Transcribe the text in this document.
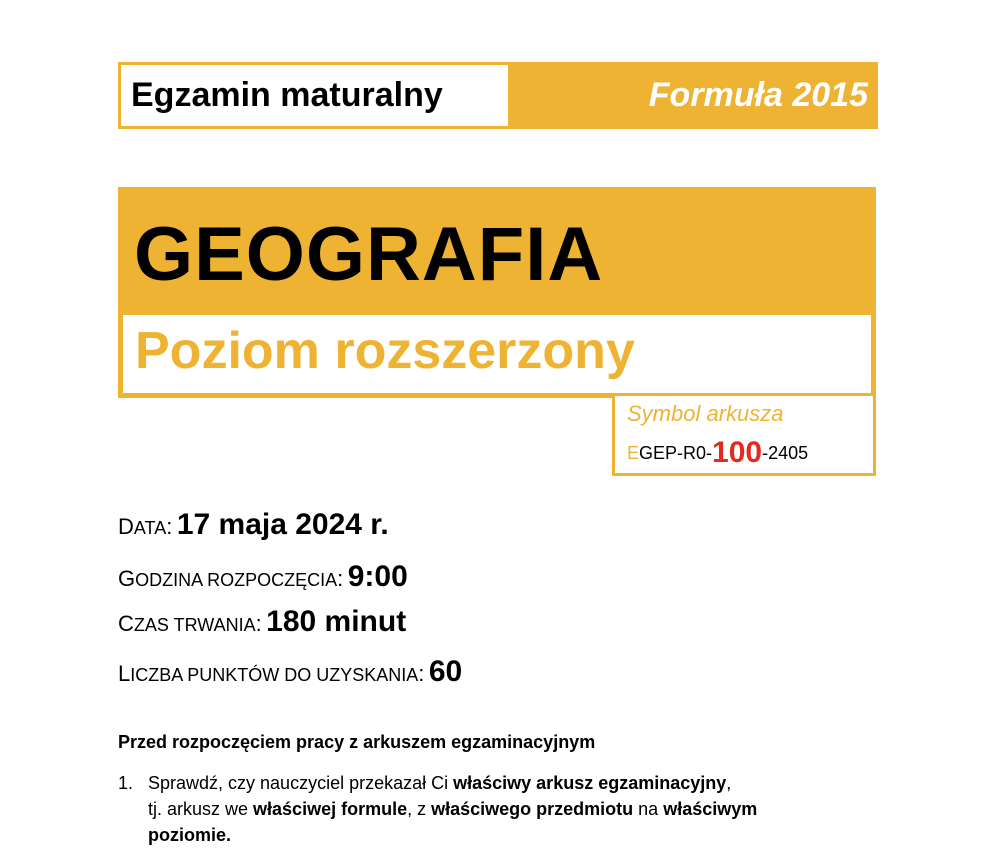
Egzamin maturalny	Formuła 2015
GEOGRAFIA
Poziom rozszerzony
Symbol arkusza
EGEP-R0-100-2405
DATA: 17 maja 2024 r.
GODZINA ROZPOCZĘCIA: 9:00
CZAS TRWANIA: 180 minut
LICZBA PUNKTÓW DO UZYSKANIA: 60
Przed rozpoczęciem pracy z arkuszem egzaminacyjnym
1. Sprawdź, czy nauczyciel przekazał Ci właściwy arkusz egzaminacyjny,
tj. arkusz we właściwej formule, z właściwego przedmiotu na właściwym
poziomie.
